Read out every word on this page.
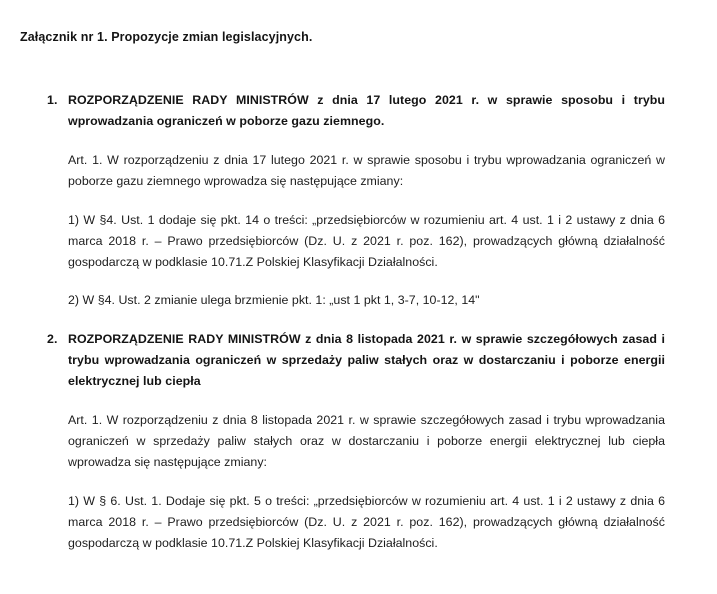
Załącznik nr 1. Propozycje zmian legislacyjnych.
1. ROZPORZĄDZENIE RADY MINISTRÓW z dnia 17 lutego 2021 r. w sprawie sposobu i trybu wprowadzania ograniczeń w poborze gazu ziemnego.
Art. 1. W rozporządzeniu z dnia 17 lutego 2021 r. w sprawie sposobu i trybu wprowadzania ograniczeń w poborze gazu ziemnego wprowadza się następujące zmiany:
1) W §4. Ust. 1 dodaje się pkt. 14 o treści: „przedsiębiorców w rozumieniu art. 4 ust. 1 i 2 ustawy z dnia 6 marca 2018 r. – Prawo przedsiębiorców (Dz. U. z 2021 r. poz. 162), prowadzących główną działalność gospodarczą w podklasie 10.71.Z Polskiej Klasyfikacji Działalności.
2) W §4. Ust. 2 zmianie ulega brzmienie pkt. 1: „ust 1 pkt 1, 3-7, 10-12, 14"
2. ROZPORZĄDZENIE RADY MINISTRÓW z dnia 8 listopada 2021 r. w sprawie szczegółowych zasad i trybu wprowadzania ograniczeń w sprzedaży paliw stałych oraz w dostarczaniu i poborze energii elektrycznej lub ciepła
Art. 1. W rozporządzeniu z dnia 8 listopada 2021 r. w sprawie szczegółowych zasad i trybu wprowadzania ograniczeń w sprzedaży paliw stałych oraz w dostarczaniu i poborze energii elektrycznej lub ciepła wprowadza się następujące zmiany:
1) W § 6. Ust. 1. Dodaje się pkt. 5 o treści: „przedsiębiorców w rozumieniu art. 4 ust. 1 i 2 ustawy z dnia 6 marca 2018 r. – Prawo przedsiębiorców (Dz. U. z 2021 r. poz. 162), prowadzących główną działalność gospodarczą w podklasie 10.71.Z Polskiej Klasyfikacji Działalności.
